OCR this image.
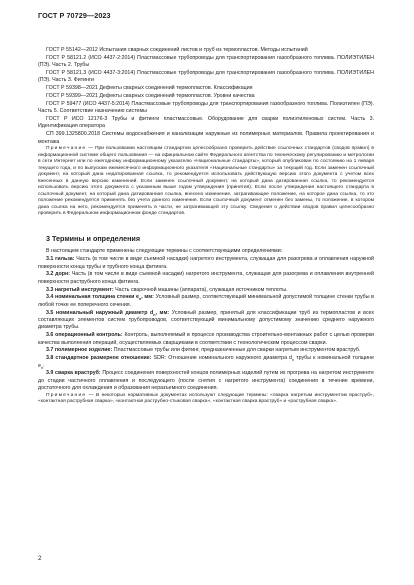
ГОСТ Р 70729—2023

ГОСТ Р 55142—2012 Испытания сварных соединений листов и труб из термопластов. Методы испытаний

ГОСТ Р 58121.2 (ИСО 4437-2:2014) Пластмассовые трубопроводы для транспортирования газообразного топлива. ПОЛИЭТИЛЕН (ПЭ). Часть 2. Трубы

ГОСТ Р 58121.3 (ИСО 4437-3:2014) Пластмассовые трубопроводы для транспортирования газообразного топлива. ПОЛИЭТИЛЕН (ПЭ). Часть 3. Фитинги

ГОСТ Р 59398—2021 Дефекты сварных соединений термопластов. Классификация

ГОСТ Р 59399—2021 Дефекты сварных соединений термопластов. Уровни качества

ГОСТ Р 59477 (ИСО 4437-5:2014) Пластмассовые трубопроводы для транспортирования газообразного топлива. Полиэтилен (ПЭ). Часть 5. Соответствие назначению системы

ГОСТ Р ИСО 12176-3 Трубы и фитинги пластмассовые. Оборудование для сварки полиэтиленовых систем. Часть 3. Идентификация оператора

СП 399.1325800.2018 Системы водоснабжения и канализации наружные из полимерных материалов. Правила проектирования и монтажа

Примечание — При пользовании настоящим стандартом целесообразно проверить действие ссылочных стандартов (сводов правил) в информационной системе общего пользования — на официальном сайте Федерального агентства по техническому регулированию и метрологии в сети Интернет или по ежегодному информационному указателю «Национальные стандарты», который опубликован по состоянию на 1 января текущего года, и по выпускам ежемесячного информационного указателя «Национальные стандарты» за текущий год. Если заменен ссылочный документ, на который дана недатированная ссылка, то рекомендуется использовать действующую версию этого документа с учетом всех внесенных в данную версию изменений. Если заменен ссылочный документ, на который дана датированная ссылка, то рекомендуется использовать версию этого документа с указанным выше годом утверждения (принятия). Если после утверждения настоящего стандарта в ссылочный документ, на который дана датированная ссылка, внесено изменение, затрагивающее положение, на которое дана ссылка, то это положение рекомендуется применять без учета данного изменения. Если ссылочный документ отменен без замены, то положение, в котором дана ссылка на него, рекомендуется применять в части, не затрагивающей эту ссылку. Сведения о действии сводов правил целесообразно проверить в Федеральном информационном фонде стандартов.

3 Термины и определения

В настоящем стандарте применены следующие термины с соответствующими определениями:

3.1 гильза: Часть (в том числе в виде съемной насадки) нагретого инструмента, служащая для разогрева и оплавления наружной поверхности конца трубы и трубного конца фитинга.

3.2 дорн: Часть (в том числе в виде съемной насадки) нагретого инструмента, служащая для разогрева и оплавления внутренней поверхности раструбного конца фитинга.

3.3 нагретый инструмент: Часть сварочной машины (аппарата), служащая источником теплоты.

3.4 номинальная толщина стенки $e_n$, мм: Условный размер, соответствующий минимальной допустимой толщине стенки трубы в любой точке ее поперечного сечения.

3.5 номинальный наружный диаметр $d_n$, мм: Условный размер, принятый для классификации труб из термопластов и всех составляющих элементов систем трубопроводов, соответствующий минимальному допустимому значению среднего наружного диаметра трубы.

3.6 операционный контроль: Контроль, выполняемый в процессе производства строительно-монтажных работ с целью проверки качества выполнения операций, осуществляемых сварщиками в соответствии с технологическим процессом сварки.

3.7 полимерное изделие: Пластмассовые трубы или фитинг, предназначенные для сварки нагретым инструментом враструб.

3.8 стандартное размерное отношение: SDR: Отношение номинального наружного диаметра $d_n$ трубы к номинальной толщине $e_n$.

3.9 сварка враструб: Процесс соединения поверхностей концов полимерных изделий путем их прогрева на нагретом инструменте до стадии частичного оплавления и последующего (после снятия с нагретого инструмента) соединения в течение времени, достаточного для охлаждения и образования неразъемного соединения.

Примечание — В некоторых нормативных документах используют следующие термины: «сварка нагретым инструментом враструб», «контактная раструбная сварка», «контактная раструбно-стыковая сварка», «контактная сварка враструб» и «раструбная сварка».

2
